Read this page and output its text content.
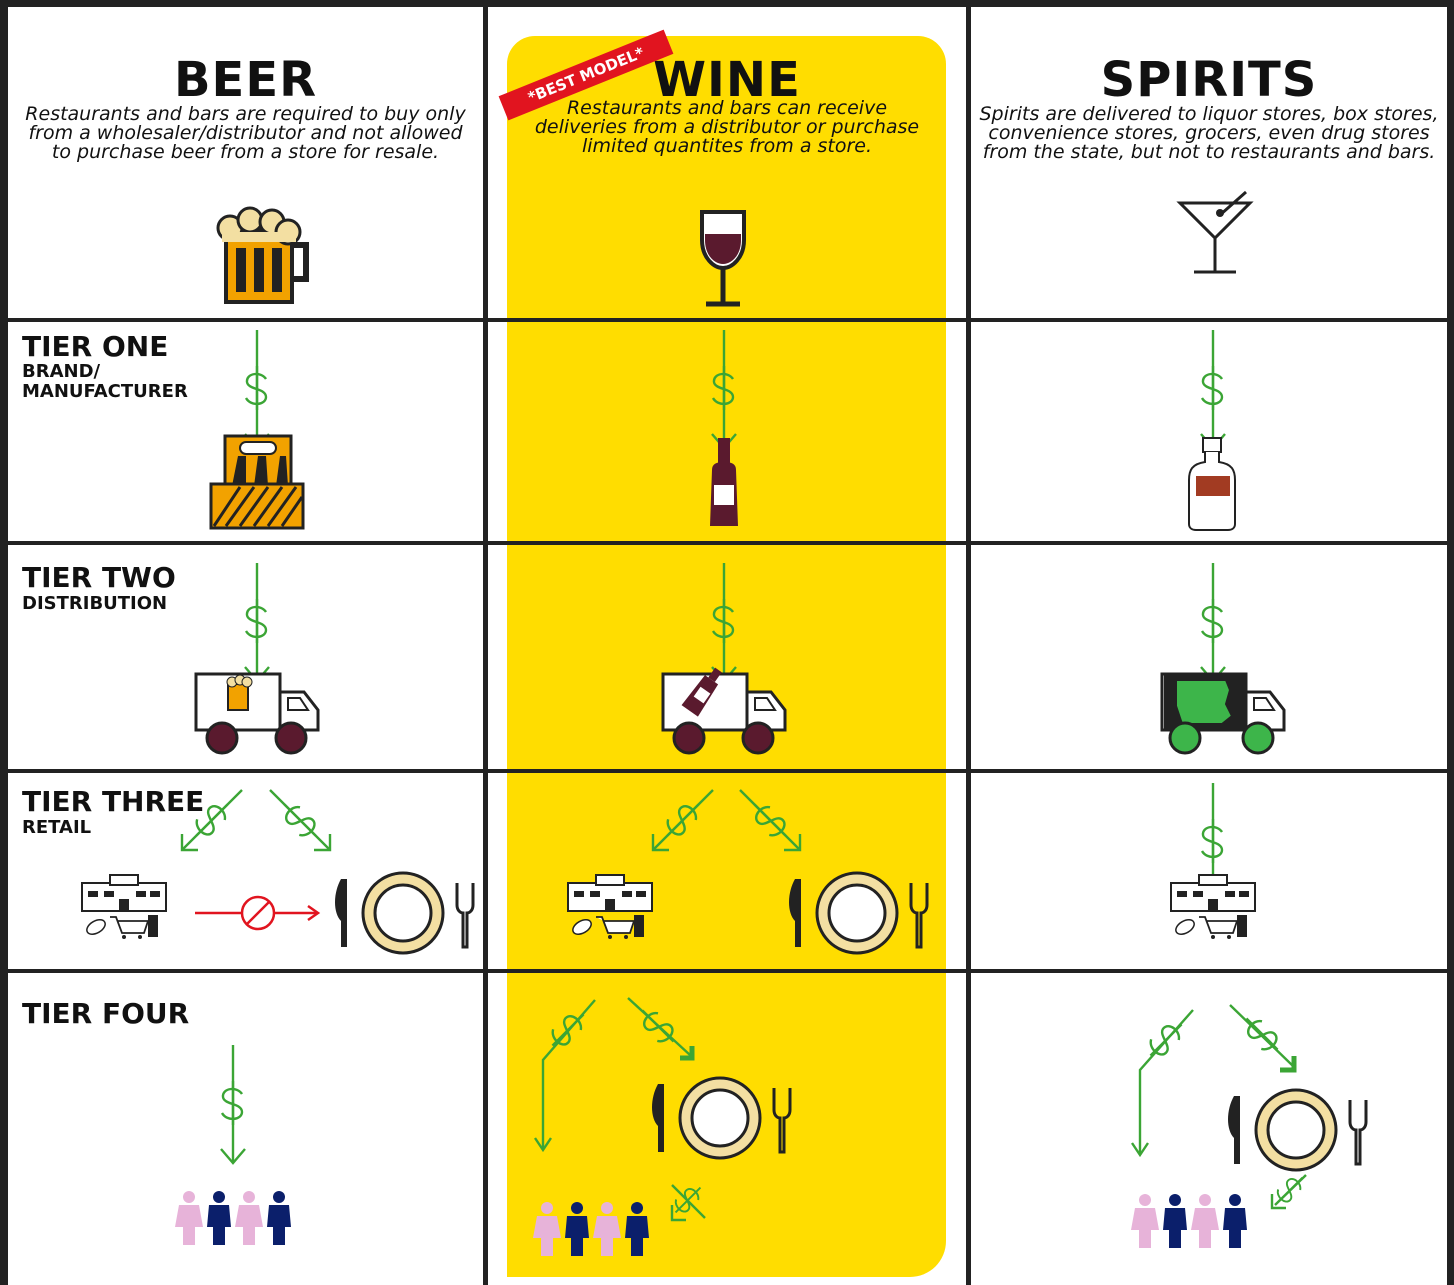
BEER
Restaurants and bars are required to buy only
from a wholesaler/distributor and not allowed
to purchase beer from a store for resale.
WINE
Restaurants and bars can receive
deliveries from a distributor or purchase
limited quantites from a store.
*BEST MODEL*	SPIRITS
Spirits are delivered to liquor stores, box stores,
convenience stores, grocers, even drug stores
from the state, but not to restaurants and bars.
TIER ONE
BRAND/
MANUFACTURER
TIER TWO
DISTRIBUTION
TIER THREE
RETAIL
TIER FOUR
